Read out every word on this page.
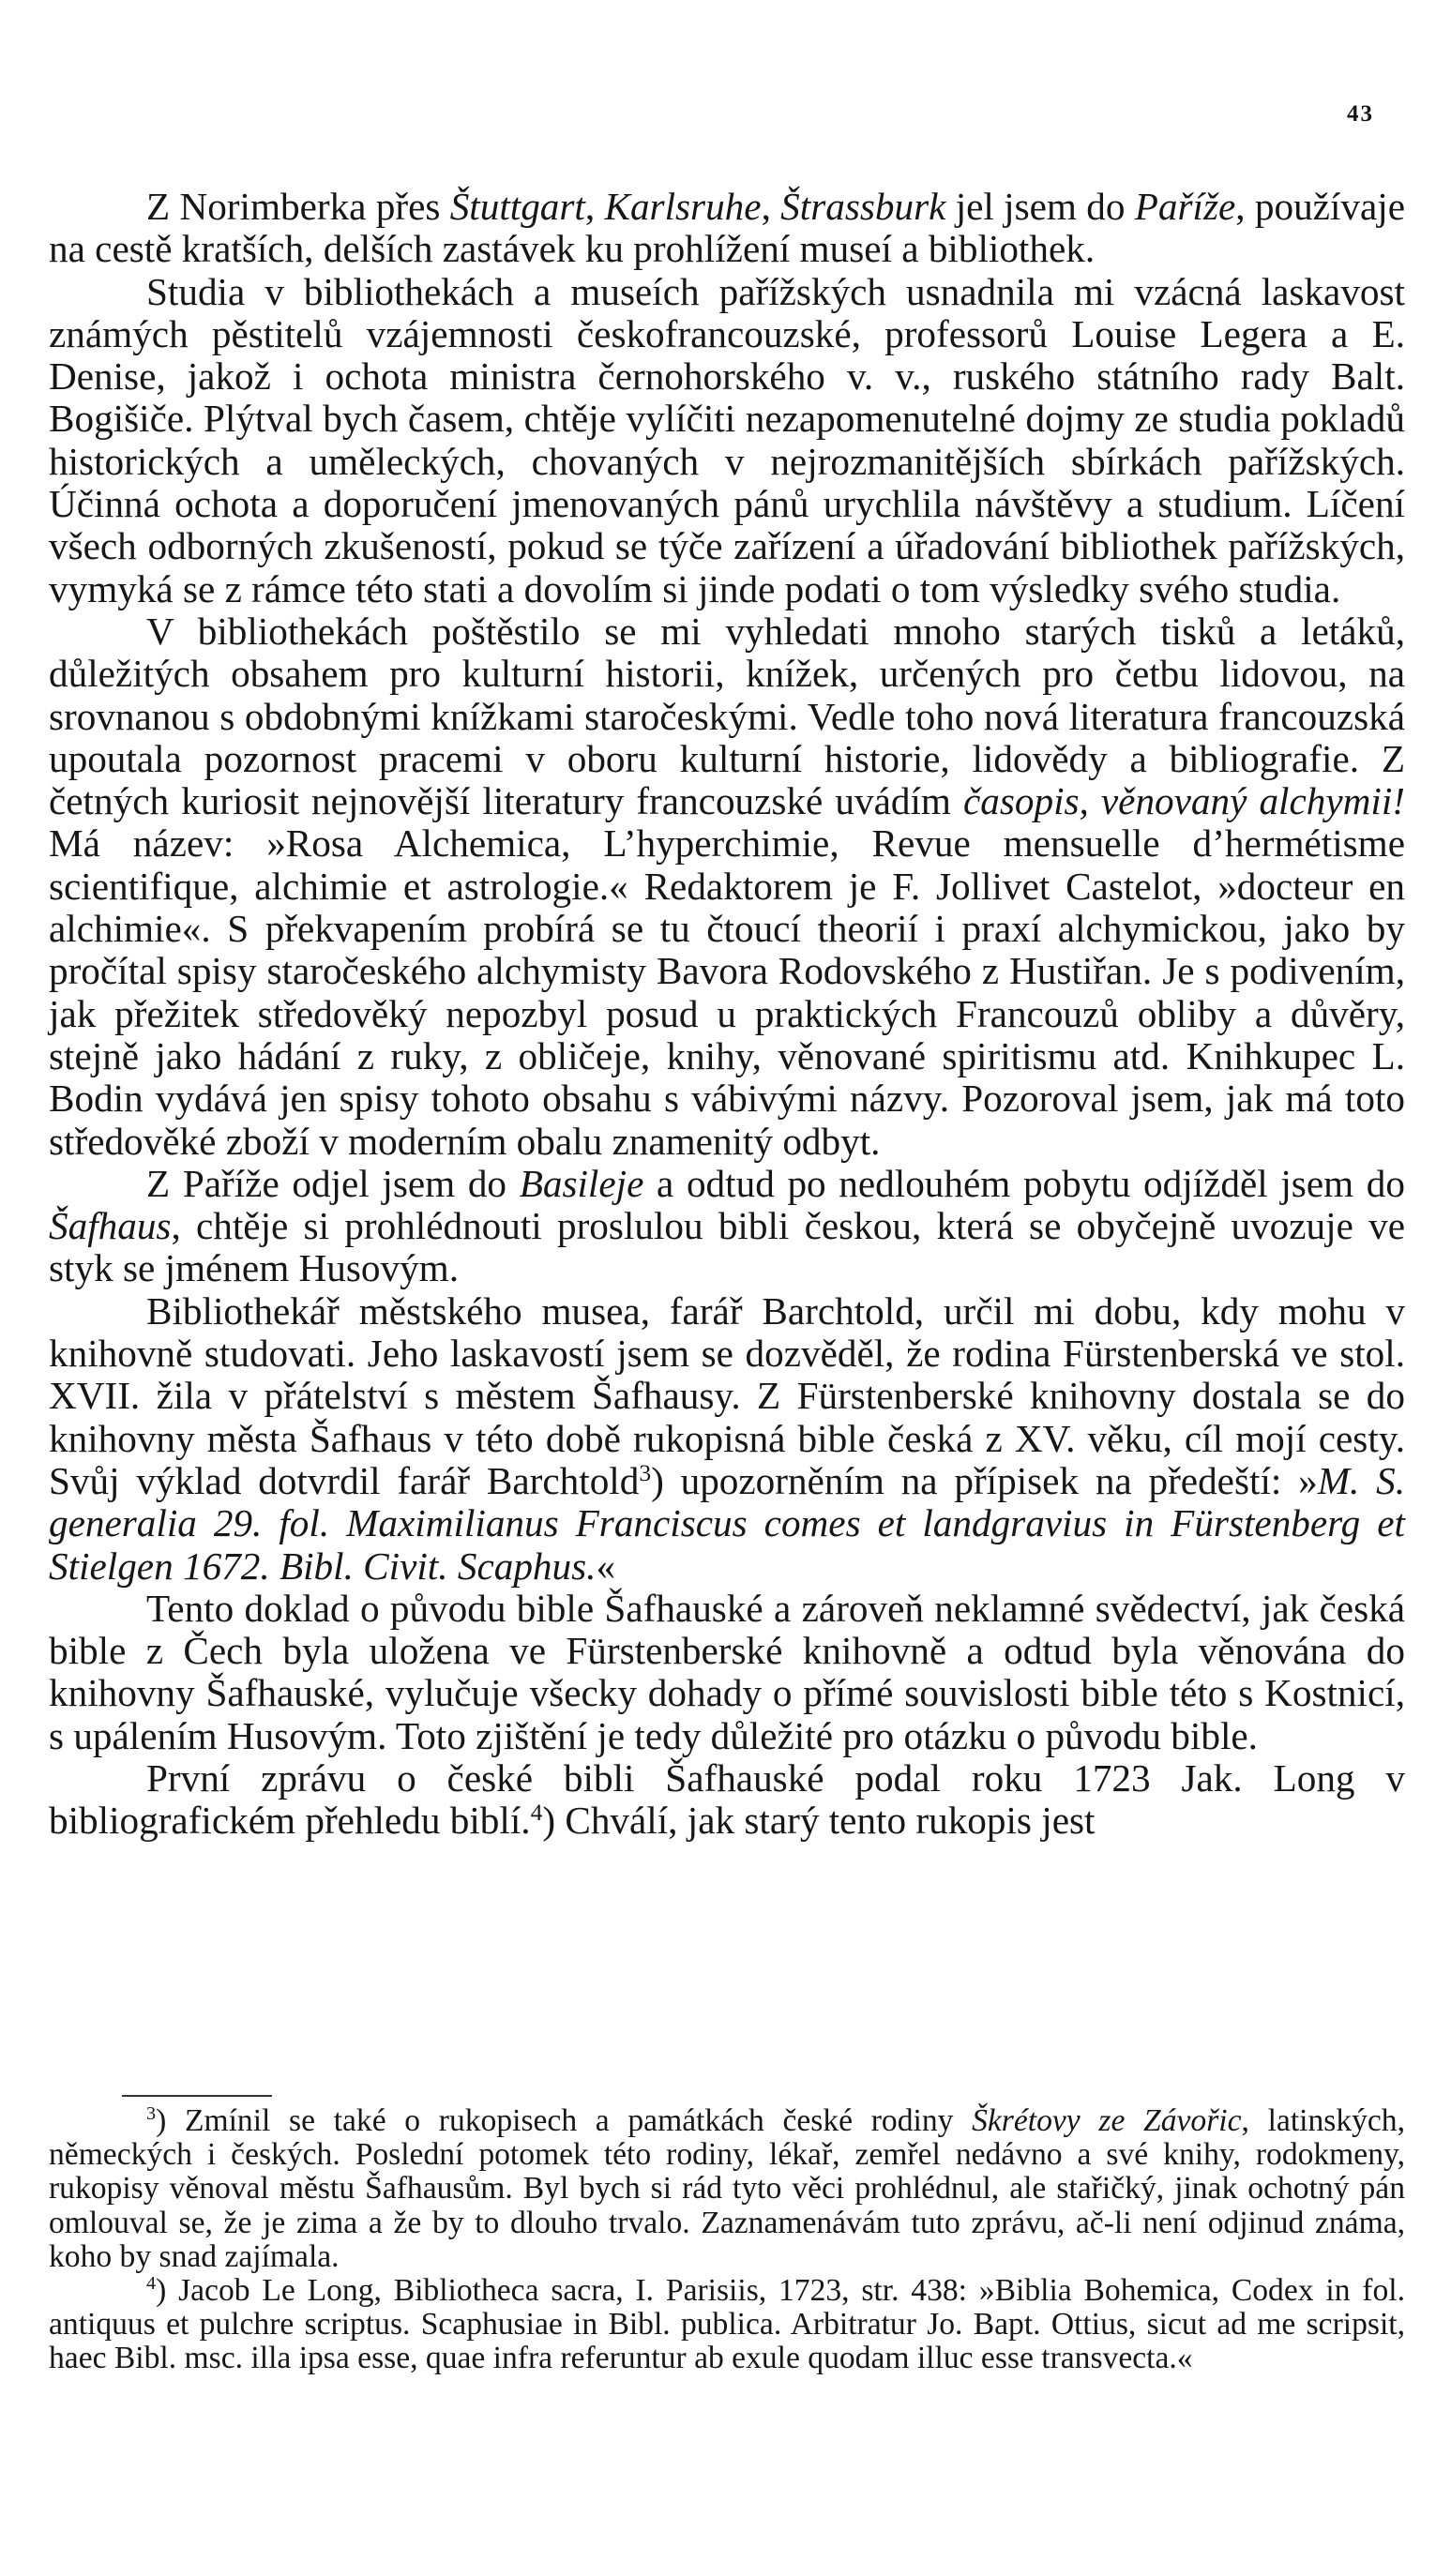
43

Z Norimberka přes Štuttgart, Karlsruhe, Štrassburk jel jsem do Paříže, používaje na cestě kratších, delších zastávek ku prohlížení museí a bibliothek.

Studia v bibliothekách a museích pařížských usnadnila mi vzácná laskavost známých pěstitelů vzájemnosti českofrancouzské, professorů Louise Legera a E. Denise, jakož i ochota ministra černohorského v. v., ruského státního rady Balt. Bogišiče. Plýtval bych časem, chtěje vylíčiti nezapomenutelné dojmy ze studia pokladů historických a uměleckých, chovaných v nejrozmanitějších sbírkách pařížských. Účinná ochota a doporučení jmenovaných pánů urychlila návštěvy a studium. Líčení všech odborných zkušeností, pokud se týče zařízení a úřadování bibliothek pařížských, vymyká se z rámce této stati a dovolím si jinde podati o tom výsledky svého studia.

V bibliothekách poštěstilo se mi vyhledati mnoho starých tisků a letáků, důležitých obsahem pro kulturní historii, knížek, určených pro četbu lidovou, na srovnanou s obdobnými knížkami staročeskými. Vedle toho nová literatura francouzská upoutala pozornost pracemi v oboru kulturní historie, lidovědy a bibliografie. Z četných kuriosit nejnovější literatury francouzské uvádím časopis, věnovaný alchymii! Má název: »Rosa Alchemica, L’hyperchimie, Revue mensuelle d’hermétisme scientifique, alchimie et astrologie.« Redaktorem je F. Jollivet Castelot, »docteur en alchimie«. S překvapením probírá se tu čtoucí theorií i praxí alchymickou, jako by pročítal spisy staročeského alchymisty Bavora Rodovského z Hustiřan. Je s podivením, jak přežitek středověký nepozbyl posud u praktických Francouzů obliby a důvěry, stejně jako hádání z ruky, z obličeje, knihy, věnované spiritismu atd. Knihkupec L. Bodin vydává jen spisy tohoto obsahu s vábivými názvy. Pozoroval jsem, jak má toto středověké zboží v moderním obalu znamenitý odbyt.

Z Paříže odjel jsem do Basileje a odtud po nedlouhém pobytu odjížděl jsem do Šafhaus, chtěje si prohlédnouti proslulou bibli českou, která se obyčejně uvozuje ve styk se jménem Husovým.

Bibliothekář městského musea, farář Barchtold, určil mi dobu, kdy mohu v knihovně studovati. Jeho laskavostí jsem se dozvěděl, že rodina Fürstenberská ve stol. XVII. žila v přátelství s městem Šafhausy. Z Fürstenberské knihovny dostala se do knihovny města Šafhaus v této době rukopisná bible česká z XV. věku, cíl mojí cesty. Svůj výklad dotvrdil farář Barchtold$^3$) upozorněním na přípisek na předeští: »M. S. generalia 29. fol. Maximilianus Franciscus comes et landgravius in Fürstenberg et Stielgen 1672. Bibl. Civit. Scaphus.«

Tento doklad o původu bible Šafhauské a zároveň neklamné svědectví, jak česká bible z Čech byla uložena ve Fürstenberské knihovně a odtud byla věnována do knihovny Šafhauské, vylučuje všecky dohady o přímé souvislosti bible této s Kostnicí, s upálením Husovým. Toto zjištění je tedy důležité pro otázku o původu bible.

První zprávu o české bibli Šafhauské podal roku 1723 Jak. Long v bibliografickém přehledu biblí.$^4$) Chválí, jak starý tento rukopis jest

$^3$) Zmínil se také o rukopisech a památkách české rodiny Škrétovy ze Závořic, latinských, německých i českých. Poslední potomek této rodiny, lékař, zemřel nedávno a své knihy, rodokmeny, rukopisy věnoval městu Šafhausům. Byl bych si rád tyto věci prohlédnul, ale stařičký, jinak ochotný pán omlouval se, že je zima a že by to dlouho trvalo. Zaznamenávám tuto zprávu, ač-li není odjinud známa, koho by snad zajímala.

$^4$) Jacob Le Long, Bibliotheca sacra, I. Parisiis, 1723, str. 438: »Biblia Bohemica, Codex in fol. antiquus et pulchre scriptus. Scaphusiae in Bibl. publica. Arbitratur Jo. Bapt. Ottius, sicut ad me scripsit, haec Bibl. msc. illa ipsa esse, quae infra referuntur ab exule quodam illuc esse transvecta.«
